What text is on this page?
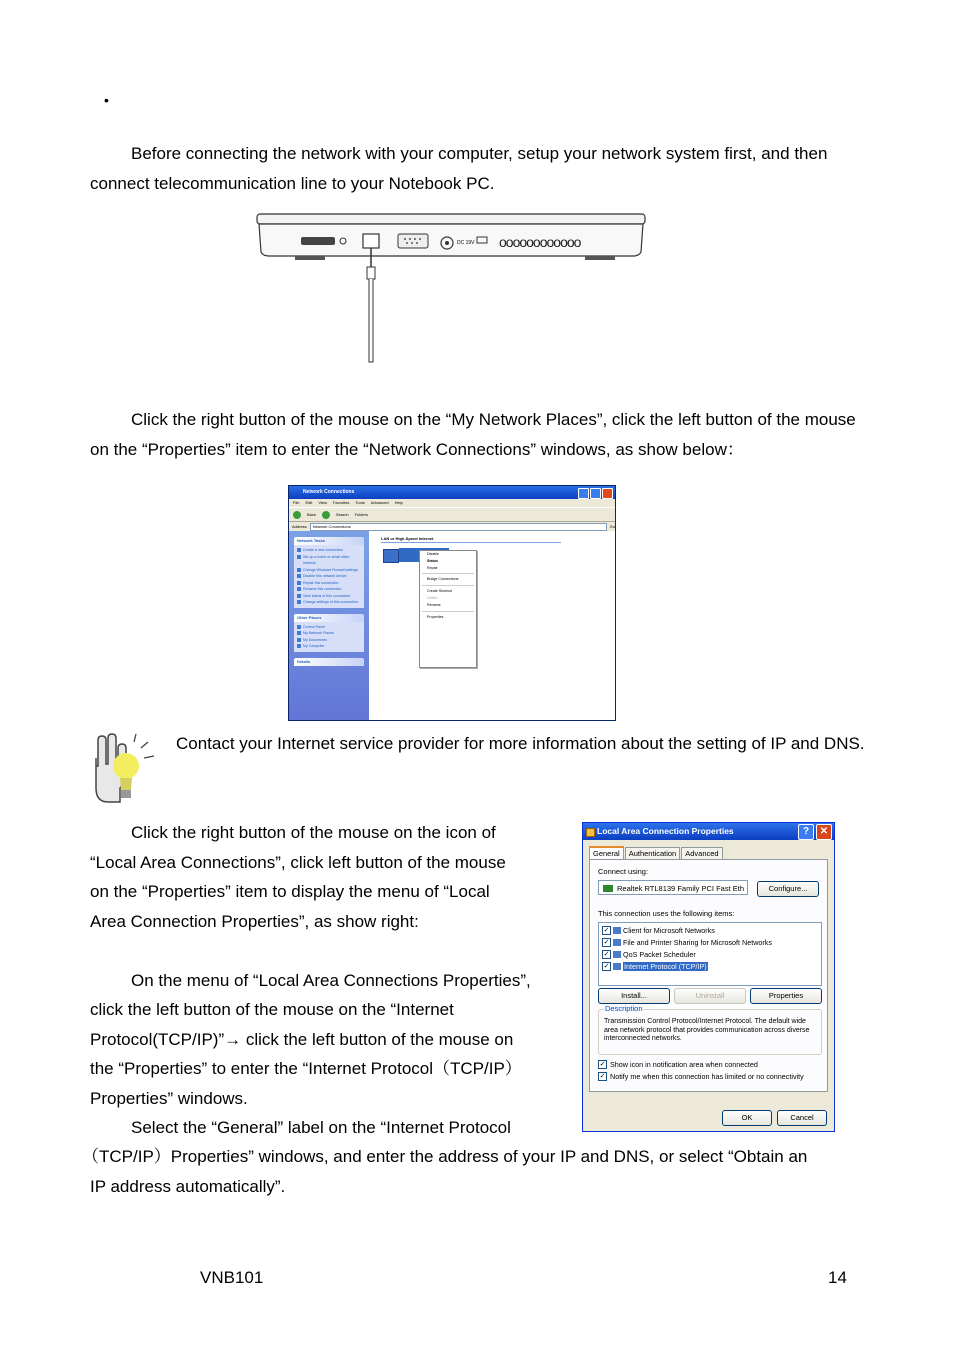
•

Before connecting the network with your computer, setup your network system first, and then connect telecommunication line to your Notebook PC.

DC 19V oooooooooooo

Click the right button of the mouse on the “My Network Places”, click the left button of the mouse on the “Properties” item to enter the “Network Connections” windows, as show below：

Network Connections
File Edit View Favorites Tools Advanced Help
Back	Search Folders
Address	Network Connections	Go
Network Tasks
Create a new connection
Set up a home or small office network
Change Windows Firewall settings
Disable this network device
Repair this connection
Rename this connection
View status of this connection
Change settings of this connection
Other Places
Control Panel
My Network Places
My Documents
My Computer
Details
LAN or High-Speed Internet
Disable
Status
Repair
Bridge Connections
Create Shortcut
Delete
Rename
Properties

Contact your Internet service provider for more information about the setting of IP and DNS.

Click the right button of the mouse on the icon of
“Local Area Connections”, click left button of the mouse
on the “Properties” item to display the menu of “Local
Area Connection Properties”, as show right:
On the menu of “Local Area Connections Properties”,
click the left button of the mouse on the “Internet
Protocol(TCP/IP)”→ click the left button of the mouse on
the “Properties” to enter the “Internet Protocol（TCP/IP）
Properties” windows.
Select the “General” label on the “Internet Protocol
（TCP/IP）Properties” windows, and enter the address of your IP and DNS, or select “Obtain an
IP address automatically”.
Local Area Connection Properties	?	✕
General	Authentication	Advanced
Connect using:
Realtek RTL8139 Family PCI Fast Eth	Configure...
This connection uses the following items:
✓ Client for Microsoft Networks
✓ File and Printer Sharing for Microsoft Networks
✓ QoS Packet Scheduler
✓ Internet Protocol (TCP/IP)
Install...	Uninstall	Properties
Description
Transmission Control Protocol/Internet Protocol. The default wide area network protocol that provides communication across diverse interconnected networks.
✓ Show icon in notification area when connected
✓ Notify me when this connection has limited or no connectivity
OK	Cancel
VNB101	14
